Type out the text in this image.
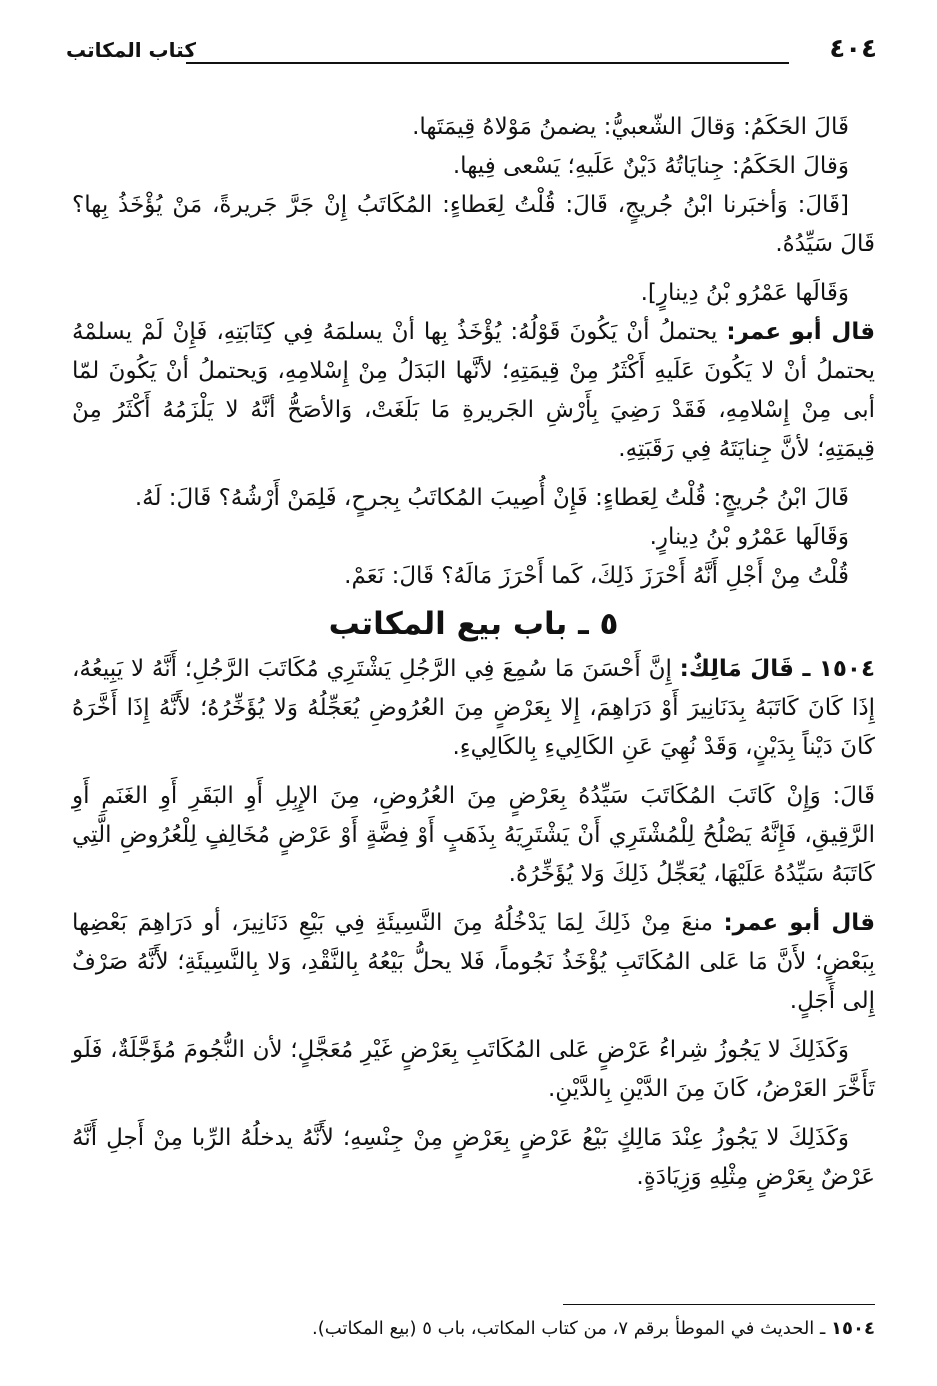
٤٠٤
كتاب المكاتب

قَالَ الحَكَمُ: وَقالَ الشّعبيُّ: يضمنُ مَوْلاهُ قِيمَتَها.

وَقالَ الحَكَمُ: جِنايَاتُهُ دَيْنٌ عَلَيهِ؛ يَسْعى فِيها.

[قَالَ: وَأخبَرنا ابْنُ جُريجٍ، قَالَ: قُلْتُ لِعَطاءٍ: المُكَاتَبُ إِنْ جَرَّ جَريرةً، مَنْ يُؤْخَذُ بِها؟ قَالَ سَيِّدُهُ.

وَقَالَها عَمْرُو بْنُ دِينارٍ].

قال أبو عمر: يحتملُ أنْ يَكُونَ قَوْلُهُ: يُؤْخَذُ بِها أنْ يسلمَهُ فِي كِتَابَتِهِ، فَإِنْ لَمْ يسلمْهُ يحتملُ أنْ لا يَكُونَ عَلَيهِ أَكْثَرُ مِنْ قِيمَتِهِ؛ لأنَّها البَدَلُ مِنْ إِسْلامِهِ، وَيحتملُ أنْ يَكُونَ لمّا أبى مِنْ إِسْلامِهِ، فَقَدْ رَضِيَ بِأَرْشِ الجَريرةِ مَا بَلَغَتْ، وَالأصَحُّ أنَّهُ لا يَلْزَمُهُ أَكْثَرُ مِنْ قِيمَتِهِ؛ لأنَّ جِنايَتَهُ فِي رَقَبَتِهِ.

قَالَ ابْنُ جُريجٍ: قُلْتُ لِعَطاءٍ: فَإِنْ أُصِيبَ المُكاتَبُ بِجرحٍ، فَلِمَنْ أَرْشُهُ؟ قَالَ: لَهُ.

وَقَالَها عَمْرُو بْنُ دِينارٍ.

قُلْتُ مِنْ أَجْلِ أَنَّهُ أَحْرَزَ ذَلِكَ، كَما أَحْرَزَ مَالَهُ؟ قَالَ: نَعَمْ.

٥ ـ باب بيع المكاتب

١٥٠٤ ـ قَالَ مَالِكٌ: إِنَّ أَحْسَنَ مَا سُمِعَ فِي الرَّجُلِ يَشْتَرِي مُكَاتَبَ الرَّجُلِ؛ أَنَّهُ لا يَبِيعُهُ، إِذَا كَانَ كَاتَبَهُ بِدَنَانِيرَ أَوْ دَرَاهِمَ، إِلا بِعَرْضٍ مِنَ العُرُوضِ يُعَجِّلُهُ وَلا يُؤَخِّرُهُ؛ لأَنَّهُ إِذَا أَخَّرَهُ كَانَ دَيْناً بِدَيْنٍ، وَقَدْ نُهِيَ عَنِ الكَالِيءِ بِالكَالِيءِ.

قَالَ: وَإِنْ كَاتَبَ المُكَاتَبَ سَيِّدُهُ بِعَرْضٍ مِنَ العُرُوضِ، مِنَ الإِبِلِ أَوِ البَقَرِ أَوِ الغَنَمِ أَوِ الرَّقِيقِ، فَإِنَّهُ يَصْلُحُ لِلْمُشْتَرِي أَنْ يَشْتَرِيَهُ بِذَهَبٍ أَوْ فِضَّةٍ أَوْ عَرْضٍ مُخَالِفٍ لِلْعُرُوضِ الَّتِي كَاتَبَهُ سَيِّدُهُ عَلَيْهَا، يُعَجِّلُ ذَلِكَ وَلا يُؤَخِّرُهُ.

قال أبو عمر: منعَ مِنْ ذَلِكَ لِمَا يَدْخُلُهُ مِنَ النَّسِيئَةِ فِي بَيْعِ دَنَانِيرَ، أو دَرَاهِمَ بَعْضِها بِبَعْضٍ؛ لأَنَّ مَا عَلى المُكَاتَبِ يُؤْخَذُ نَجُوماً، فَلا يحلُّ بَيْعُهُ بِالنَّقْدِ، وَلا بِالنَّسِيئَةِ؛ لأَنَّهُ صَرْفٌ إِلى أَجَلٍ.

وَكَذَلِكَ لا يَجُوزُ شِراءُ عَرْضٍ عَلى المُكَاتَبِ بِعَرْضٍ غَيْرِ مُعَجَّلٍ؛ لأن النُّجُومَ مُؤَجَّلَةٌ، فَلَو تَأَخَّرَ العَرْضُ، كَانَ مِنَ الدَّيْنِ بِالدَّيْنِ.

وَكَذَلِكَ لا يَجُوزُ عِنْدَ مَالِكٍ بَيْعُ عَرْضٍ بِعَرْضٍ مِنْ جِنْسِهِ؛ لأَنَّهُ يدخلُهُ الرِّبا مِنْ أَجلِ أَنَّهُ عَرْضٌ بِعَرْضٍ مِثْلِهِ وَزِيَادَةٍ.

١٥٠٤ ـ الحديث في الموطأ برقم ٧، من كتاب المكاتب، باب ٥ (بيع المكاتب).
